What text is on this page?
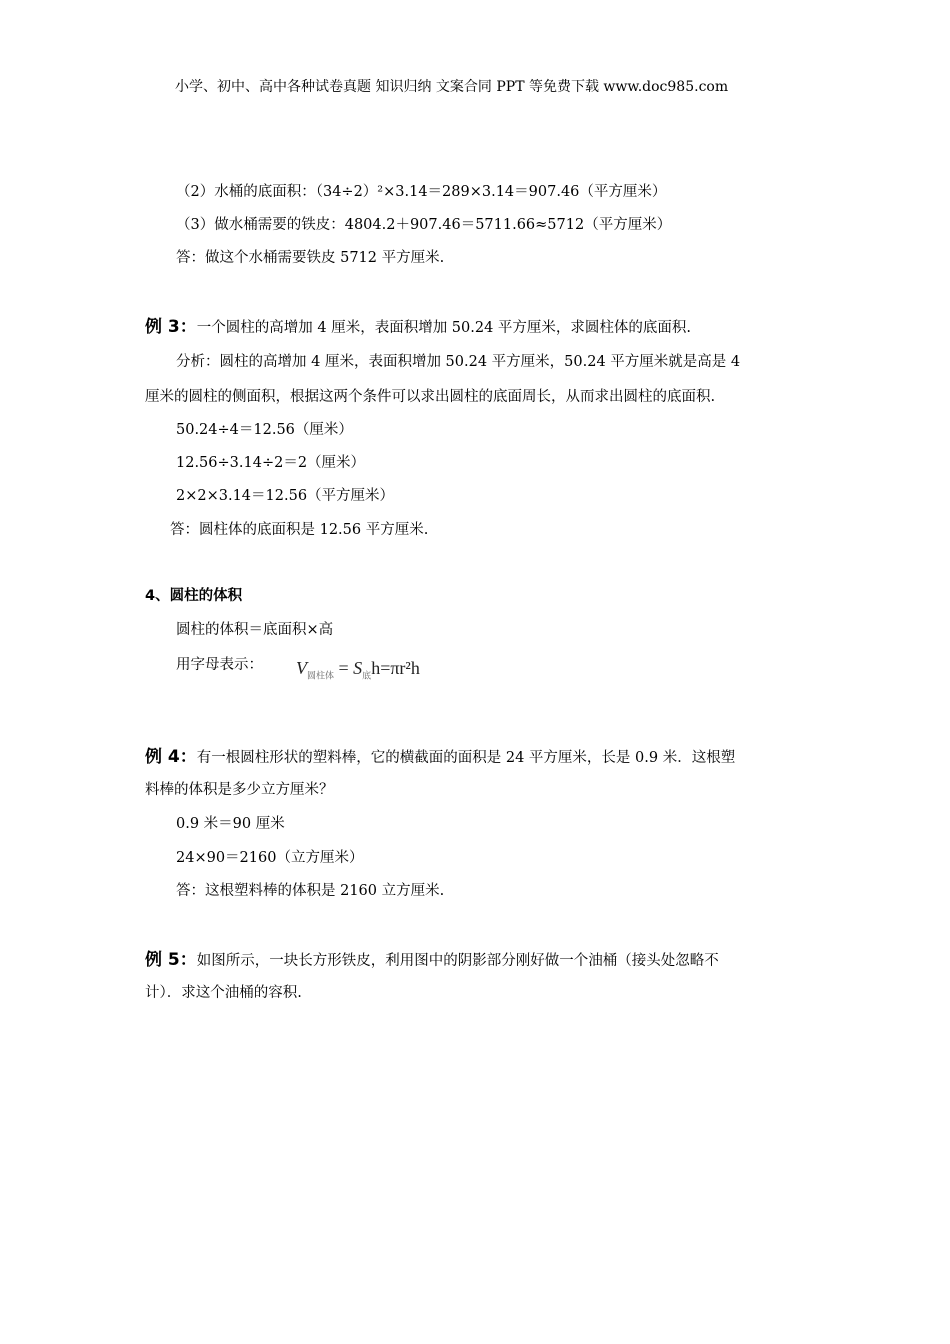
小学、初中、高中各种试卷真题 知识归纳 文案合同 PPT 等免费下载 www.doc985.com
（2）水桶的底面积：（34÷2）²×3.14＝289×3.14＝907.46（平方厘米）
（3）做水桶需要的铁皮：4804.2＋907.46＝5711.66≈5712（平方厘米）
答：做这个水桶需要铁皮 5712 平方厘米.
例 3：一个圆柱的高增加 4 厘米，表面积增加 50.24 平方厘米，求圆柱体的底面积.
分析：圆柱的高增加 4 厘米，表面积增加 50.24 平方厘米，50.24 平方厘米就是高是 4
厘米的圆柱的侧面积，根据这两个条件可以求出圆柱的底面周长，从而求出圆柱的底面积.
50.24÷4＝12.56（厘米）
12.56÷3.14÷2＝2（厘米）
2×2×3.14＝12.56（平方厘米）
答：圆柱体的底面积是 12.56 平方厘米.
4、圆柱的体积
圆柱的体积＝底面积×高
用字母表示： $V_{圆柱体} = S_底h=\pi r^2h$
例 4：有一根圆柱形状的塑料棒，它的横截面的面积是 24 平方厘米，长是 0.9 米．这根塑
料棒的体积是多少立方厘米？
0.9 米＝90 厘米
24×90＝2160（立方厘米）
答：这根塑料棒的体积是 2160 立方厘米.
例 5：如图所示，一块长方形铁皮，利用图中的阴影部分刚好做一个油桶（接头处忽略不
计）．求这个油桶的容积.
